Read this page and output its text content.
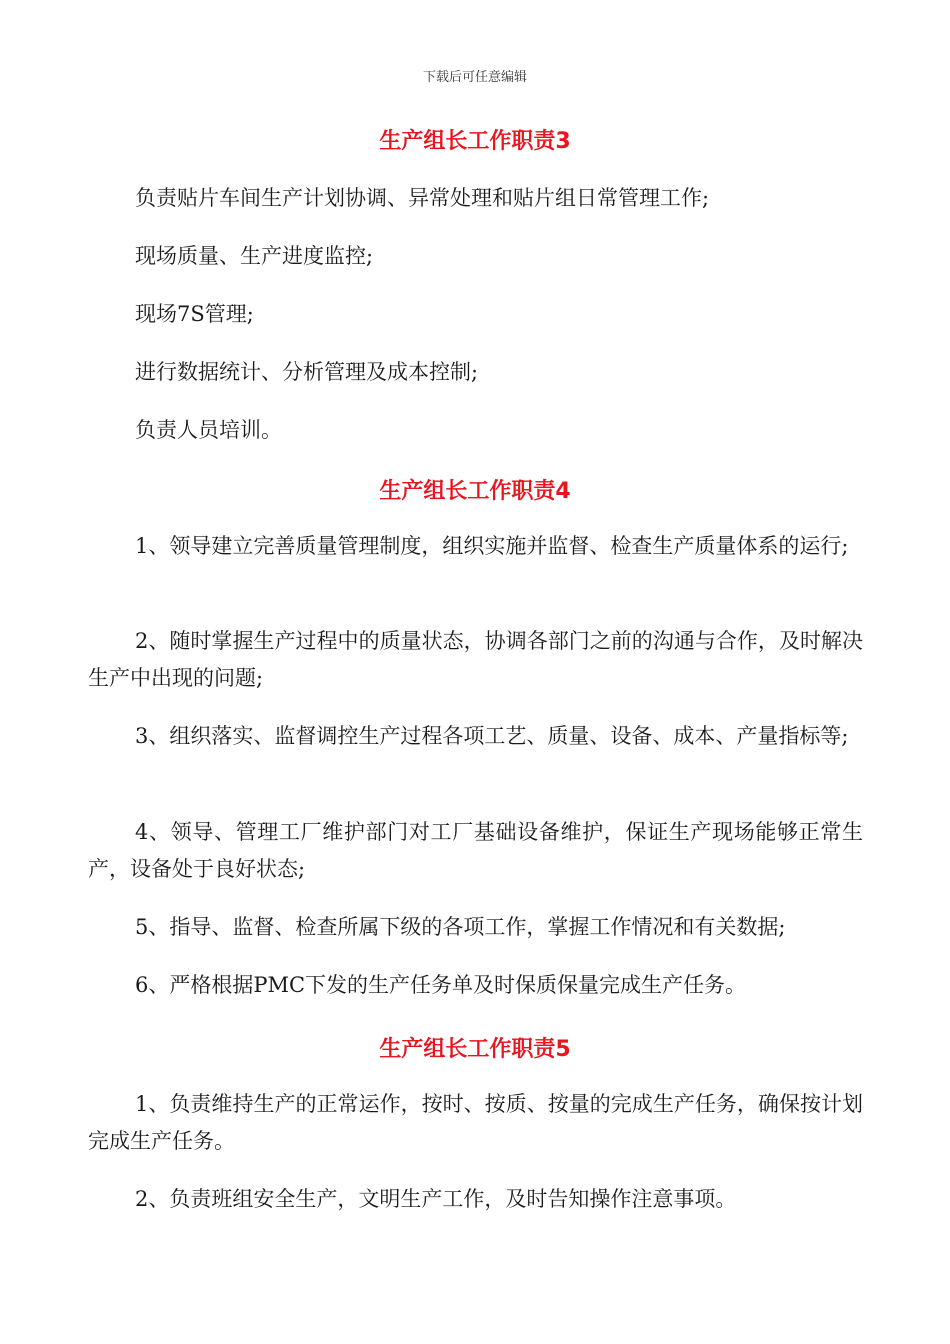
下载后可任意编辑
生产组长工作职责3
负责贴片车间生产计划协调、异常处理和贴片组日常管理工作;
现场质量、生产进度监控;
现场7S管理;
进行数据统计、分析管理及成本控制;
负责人员培训。
生产组长工作职责4
1、领导建立完善质量管理制度，组织实施并监督、检查生产质量体系的运行;
2、随时掌握生产过程中的质量状态，协调各部门之前的沟通与合作，及时解决生产中出现的问题;
3、组织落实、监督调控生产过程各项工艺、质量、设备、成本、产量指标等;
4、领导、管理工厂维护部门对工厂基础设备维护，保证生产现场能够正常生产，设备处于良好状态;
5、指导、监督、检查所属下级的各项工作，掌握工作情况和有关数据;
6、严格根据PMC下发的生产任务单及时保质保量完成生产任务。
生产组长工作职责5
1、负责维持生产的正常运作，按时、按质、按量的完成生产任务，确保按计划完成生产任务。
2、负责班组安全生产，文明生产工作，及时告知操作注意事项。
